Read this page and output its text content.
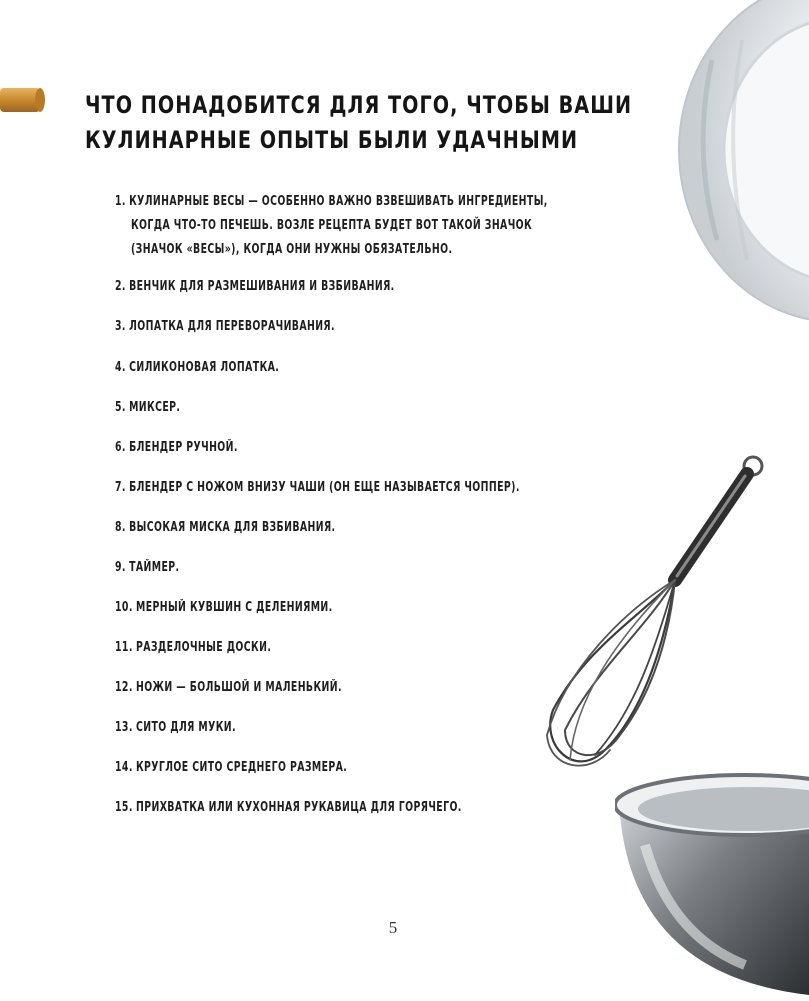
ЧТО ПОНАДОБИТСЯ ДЛЯ ТОГО, ЧТОБЫ ВАШИ
КУЛИНАРНЫЕ ОПЫТЫ БЫЛИ УДАЧНЫМИ
1. КУЛИНАРНЫЕ ВЕСЫ — ОСОБЕННО ВАЖНО ВЗВЕШИВАТЬ ИНГРЕДИЕНТЫ,
КОГДА ЧТО-ТО ПЕЧЕШЬ. ВОЗЛЕ РЕЦЕПТА БУДЕТ ВОТ ТАКОЙ ЗНАЧОК
(ЗНАЧОК «ВЕСЫ»), КОГДА ОНИ НУЖНЫ ОБЯЗАТЕЛЬНО.
2. ВЕНЧИК ДЛЯ РАЗМЕШИВАНИЯ И ВЗБИВАНИЯ.
3. ЛОПАТКА ДЛЯ ПЕРЕВОРАЧИВАНИЯ.
4. СИЛИКОНОВАЯ ЛОПАТКА.
5. МИКСЕР.
6. БЛЕНДЕР РУЧНОЙ.
7. БЛЕНДЕР С НОЖОМ ВНИЗУ ЧАШИ (ОН ЕЩЕ НАЗЫВАЕТСЯ ЧОППЕР).
8. ВЫСОКАЯ МИСКА ДЛЯ ВЗБИВАНИЯ.
9. ТАЙМЕР.
10. МЕРНЫЙ КУВШИН С ДЕЛЕНИЯМИ.
11. РАЗДЕЛОЧНЫЕ ДОСКИ.
12. НОЖИ — БОЛЬШОЙ И МАЛЕНЬКИЙ.
13. СИТО ДЛЯ МУКИ.
14. КРУГЛОЕ СИТО СРЕДНЕГО РАЗМЕРА.
15. ПРИХВАТКА ИЛИ КУХОННАЯ РУКАВИЦА ДЛЯ ГОРЯЧЕГО.
5
